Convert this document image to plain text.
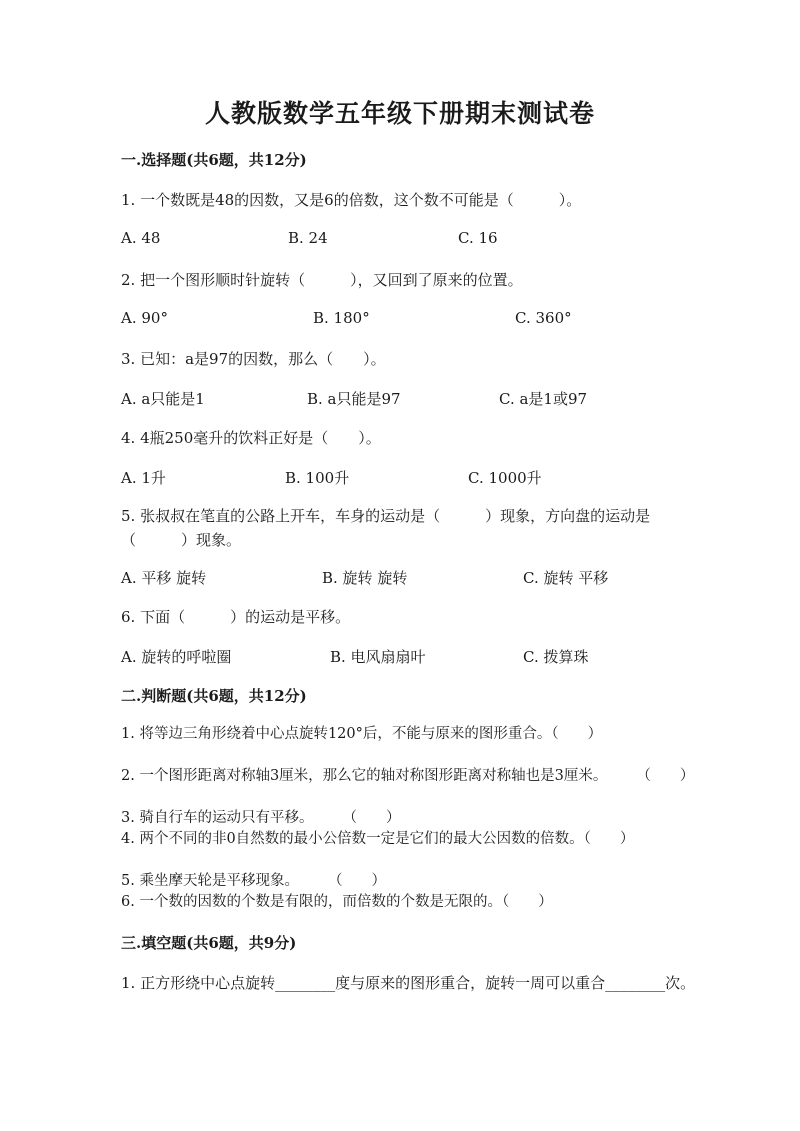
人教版数学五年级下册期末测试卷
一.选择题(共6题，共12分)
1. 一个数既是48的因数，又是6的倍数，这个数不可能是（　　　）。
A. 48	B. 24	C. 16
2. 把一个图形顺时针旋转（　　　），又回到了原来的位置。
A. 90°	B. 180°	C. 360°
3. 已知：a是97的因数，那么（　　）。
A. a只能是1	B. a只能是97	C. a是1或97
4. 4瓶250毫升的饮料正好是（　　）。
A. 1升	B. 100升	C. 1000升
5. 张叔叔在笔直的公路上开车，车身的运动是（　　　）现象，方向盘的运动是（　　　）现象。
A. 平移 旋转	B. 旋转 旋转	C. 旋转 平移
6. 下面（　　　）的运动是平移。
A. 旋转的呼啦圈	B. 电风扇扇叶	C. 拨算珠
二.判断题(共6题，共12分)
1. 将等边三角形绕着中心点旋转120°后，不能与原来的图形重合。（　　）
2. 一个图形距离对称轴3厘米，那么它的轴对称图形距离对称轴也是3厘米。　　　（　　）
3. 骑自行车的运动只有平移。　　　（　　）
4. 两个不同的非0自然数的最小公倍数一定是它们的最大公因数的倍数。（　　）
5. 乘坐摩天轮是平移现象。　　　（　　）
6. 一个数的因数的个数是有限的，而倍数的个数是无限的。（　　）
三.填空题(共6题，共9分)
1. 正方形绕中心点旋转________度与原来的图形重合，旋转一周可以重合________次。
